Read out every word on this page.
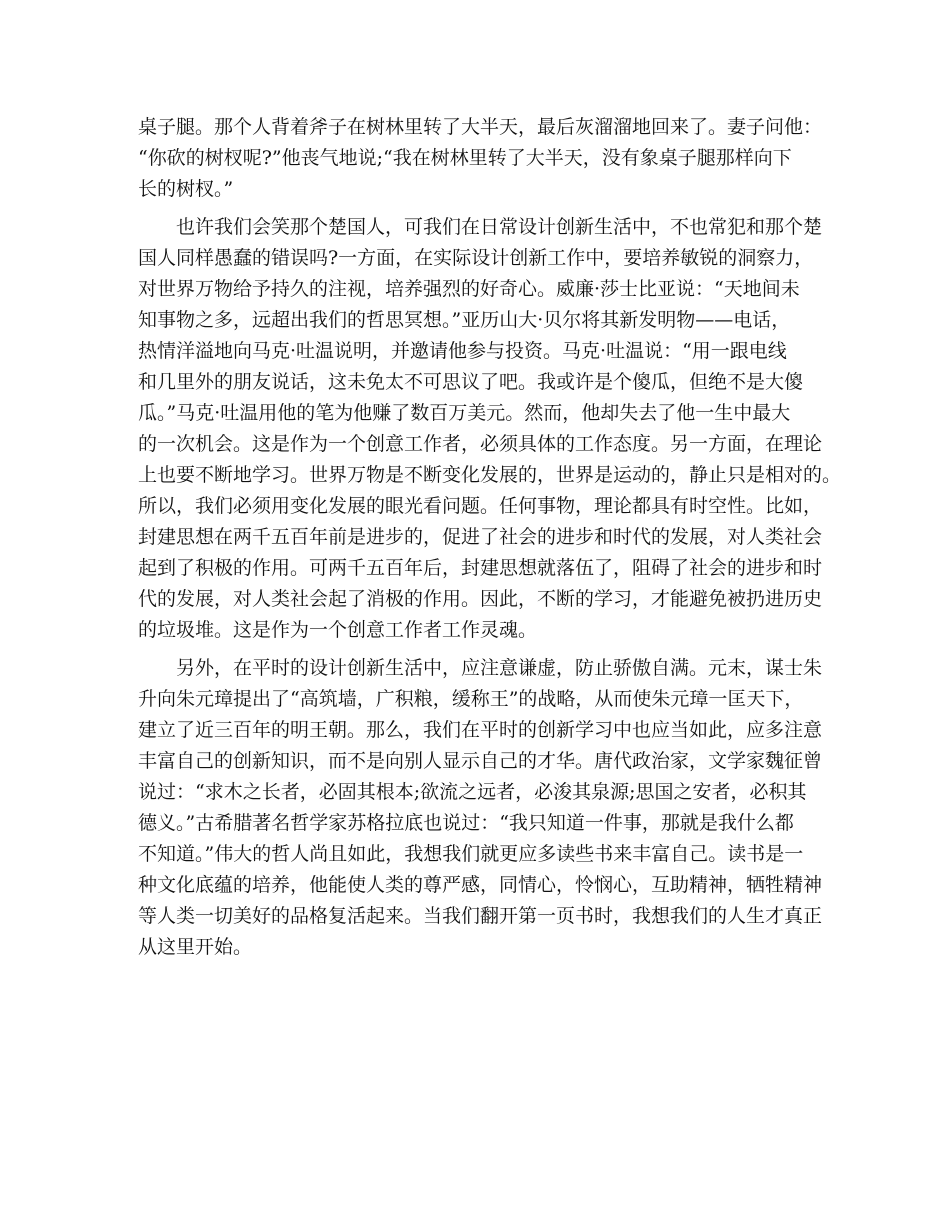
桌子腿。那个人背着斧子在树林里转了大半天，最后灰溜溜地回来了。妻子问他：
“你砍的树杈呢?”他丧气地说;“我在树林里转了大半天，没有象桌子腿那样向下
长的树杈。”
　　也许我们会笑那个楚国人，可我们在日常设计创新生活中，不也常犯和那个楚
国人同样愚蠢的错误吗?一方面，在实际设计创新工作中，要培养敏锐的洞察力，
对世界万物给予持久的注视，培养强烈的好奇心。威廉·莎士比亚说：“天地间未
知事物之多，远超出我们的哲思冥想。”亚历山大·贝尔将其新发明物——电话，
热情洋溢地向马克·吐温说明，并邀请他参与投资。马克·吐温说：“用一跟电线
和几里外的朋友说话，这未免太不可思议了吧。我或许是个傻瓜，但绝不是大傻
瓜。”马克·吐温用他的笔为他赚了数百万美元。然而，他却失去了他一生中最大
的一次机会。这是作为一个创意工作者，必须具体的工作态度。另一方面，在理论
上也要不断地学习。世界万物是不断变化发展的，世界是运动的，静止只是相对的。
所以，我们必须用变化发展的眼光看问题。任何事物，理论都具有时空性。比如，
封建思想在两千五百年前是进步的，促进了社会的进步和时代的发展，对人类社会
起到了积极的作用。可两千五百年后，封建思想就落伍了，阻碍了社会的进步和时
代的发展，对人类社会起了消极的作用。因此，不断的学习，才能避免被扔进历史
的垃圾堆。这是作为一个创意工作者工作灵魂。
　　另外，在平时的设计创新生活中，应注意谦虚，防止骄傲自满。元末，谋士朱
升向朱元璋提出了“高筑墙，广积粮，缓称王”的战略，从而使朱元璋一匡天下，
建立了近三百年的明王朝。那么，我们在平时的创新学习中也应当如此，应多注意
丰富自己的创新知识，而不是向别人显示自己的才华。唐代政治家，文学家魏征曾
说过：“求木之长者，必固其根本;欲流之远者，必浚其泉源;思国之安者，必积其
德义。”古希腊著名哲学家苏格拉底也说过：“我只知道一件事，那就是我什么都
不知道。”伟大的哲人尚且如此，我想我们就更应多读些书来丰富自己。读书是一
种文化底蕴的培养，他能使人类的尊严感，同情心，怜悯心，互助精神，牺牲精神
等人类一切美好的品格复活起来。当我们翻开第一页书时，我想我们的人生才真正
从这里开始。
